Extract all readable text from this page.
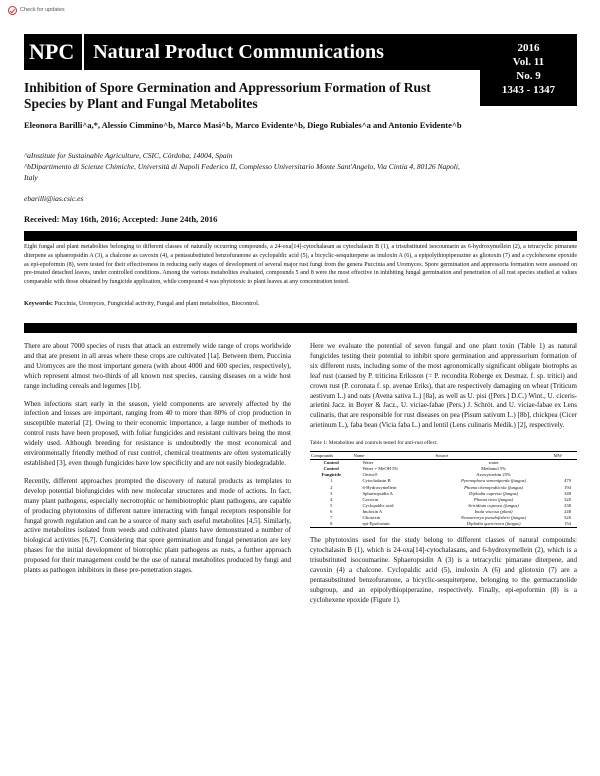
Check for updates
NPC Natural Product Communications	2016
Vol. 11
No. 9
1343 - 1347
Inhibition of Spore Germination and Appressorium Formation of Rust Species by Plant and Fungal Metabolites
Eleonora Barilli^a,*, Alessio Cimmino^b, Marco Masi^b, Marco Evidente^b, Diego Rubiales^a and Antonio Evidente^b
^aInstitute for Sustainable Agriculture, CSIC, Córdoba, 14004, Spain
^bDipartimento di Scienze Chimiche, Università di Napoli Federico II, Complesso Universitario Monte Sant'Angelo, Via Cintia 4, 80126 Napoli, Italy
ebarilli@ias.csic.es
Received: May 16th, 2016; Accepted: June 24th, 2016

Eight fungal and plant metabolites belonging to different classes of naturally occurring compounds, a 24-oxa[14]-cytochalasan as cytochalasin B (1), a trisubstituted isocoumarin as 6-hydroxymellein (2), a tetracyclic pimarane diterpene as sphaeropsidin A (3), a chalcone as cavoxin (4), a pentasubstituted benzofuranone as cyclopaldic acid (5), a bicyclic-sesquiterpene as inuloxin A (6), a epipolythiopiperazine as gliotoxin (7) and a cyclohexene epoxide as epi-epoformin (8), were tested for their effectiveness in reducing early stages of development of several major rust fungi from the genera Puccinia and Uromyces. Spore germination and appressoria formation were assessed on pre-treated detached leaves, under controlled conditions. Among the various metabolites evaluated, compounds 5 and 8 were the most effective in inhibiting fungal germination and penetration of all rust species studied at values comparable with those obtained by fungicide application, while compound 4 was phytotoxic to plant leaves at any concentration tested.

Keywords: Puccinia, Uromyces, Fungicidal activity, Fungal and plant metabolites, Biocontrol.

There are about 7000 species of rusts that attack an extremely wide range of crops worldwide and that are present in all areas where these crops are cultivated [1a]. Between them, Puccinia and Uromyces are the most important genera (with about 4000 and 600 species, respectively), which represent almost two-thirds of all known rust species, causing diseases on a wide host range including cereals and legumes [1b].

When infections start early in the season, yield components are severely affected by the infection and losses are important, ranging from 40 to more than 80% of crop production in susceptible material [2]. Owing to their economic importance, a large number of methods to control rusts have been proposed, with foliar fungicides and resistant cultivars being the most widely used. Although breeding for resistance is undoubtedly the most economical and environmentally friendly method of rust control, chemical treatments are often systematically established [3], even though fungicides have low specificity and are not easily biodegradable.

Recently, different approaches prompted the discovery of natural products as templates to develop potential biofungicides with new molecular structures and mode of actions. In fact, many plant pathogens, especially necrotrophic or hemibiotrophic plant pathogens, are capable of producing phytotoxins of different nature interacting with fungal receptors responsible for fungal growth regulation and can be a source of many such useful metabolites [4,5]. Similarly, active metabolites isolated from weeds and cultivated plants have demonstrated a number of biological activities [6,7]. Considering that spore germination and fungal penetration are key phases for the initial development of biotrophic plant pathogens as rusts, a further approach proposed for their management could be the use of natural metabolites produced by fungi and plants as pathogen inhibitors in these pre-penetration stages.

Here we evaluate the potential of seven fungal and one plant toxin (Table 1) as natural fungicides testing their potential to inhibit spore germination and appressorium formation of six different rusts, including some of the most agronomically significant obligate biotrophs as leaf rust (caused by P. triticina Eriksson (= P. recondita Roberge ex Desmaz. f. sp. tritici) and crown rust (P. coronata f. sp. avenae Eriks), that are respectively damaging on wheat (Triticum aestivum L.) and oats (Avena sativa L.) [8a], as well as U. pisi ([Pers.] D.C.) Wint., U. ciceris-arietini Jacz. in Boyer & Jacz., U. viciae-fabae (Pers.) J. Schröt. and U. viciae-fabae ex Lens culinaris, that are responsible for rust diseases on pea (Pisum sativum L.) [8b], chickpea (Cicer arietinum L.), faba bean (Vicia faba L.) and lentil (Lens culinaris Medik.) [2], respectively.

Table 1: Metabolites and controls tested for anti-rust effect.
Compounds	Name	Source	MW
Control	Water	water	
Control	Water + MeOH 5%	Methanol 5%	
Fungicide	Ortiva®	Azoxystrobin 25%	
1	Cytochalasin B	Pyrenophora semeniperda (fungus)	479
2	6-Hydroxymellein	Phoma chenopodiicola (fungus)	194
3	Sphaeropsidin A	Diplodia cupressi (fungus)	348
4	Cavoxin	Phoma cava (fungus)	320
5	Cyclopaldic acid	Seiridium cupressi (fungus)	238
6	Inuloxin A	Inula viscosa (plant)	248
7	Gliotoxin	Neosartorya pseudofisheri (fungus)	326
8	epi-Epoformin	Diplodia quercivora (fungus)	154

The phytotoxins used for the study belong to different classes of natural compounds: cytochalasin B (1), which is 24-oxa[14]-cytochalasans, and 6-hydroxymellein (2), which is a trisubstituted isocoumarine. Sphaeropsidin A (3) is a tetracyclic pimarane diterpene, and cavoxin (4) a chalcone. Cyclopaldic acid (5), inuloxin A (6) and gliotoxin (7) are a pentasubstituted benzofuranone, a bicyclic-sesquiterpene, belonging to the germacranolide subgroup, and an epipolythiopiperazine, respectively. Finally, epi-epoformin (8) is a cyclohexene epoxide (Figure 1).
